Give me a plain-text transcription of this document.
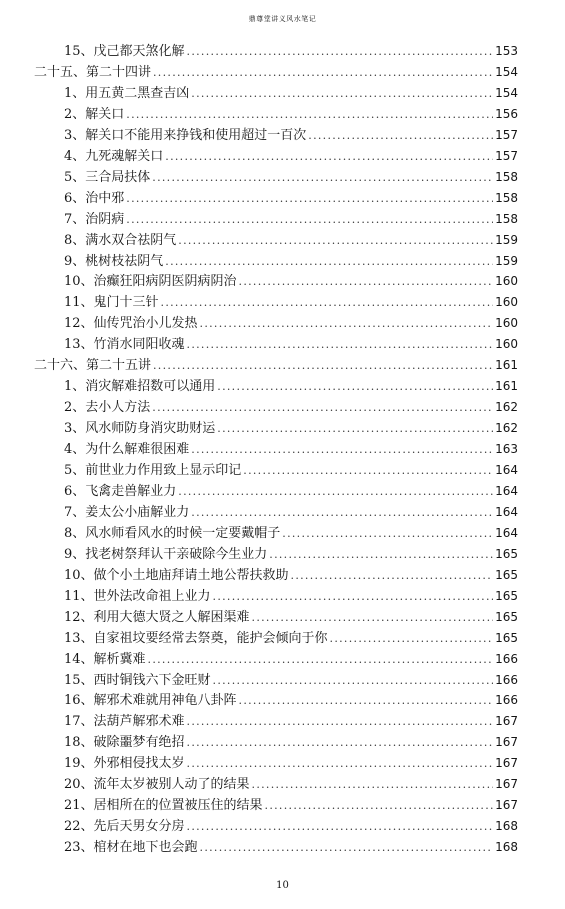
鼎尊堂讲义风水笔记
15、戊己都天煞化解 .....	153
二十五、第二十四讲 .....	154
1、用五黄二黑查吉凶 .....	154
2、解关口 .....	156
3、解关口不能用来挣钱和使用超过一百次 .....	157
4、九死魂解关口 .....	157
5、三合局扶体 .....	158
6、治中邪 .....	158
7、治阴病 .....	158
8、满水双合祛阴气 .....	159
9、桃树枝祛阴气 .....	159
10、治癫狂阳病阴医阴病阴治 .....	160
11、鬼门十三针 .....	160
12、仙传咒治小儿发热 .....	160
13、竹消水同阳收魂 .....	160
二十六、第二十五讲 .....	161
1、消灾解难招数可以通用 .....	161
2、去小人方法 .....	162
3、风水师防身消灾助财运 .....	162
4、为什么解难很困难 .....	163
5、前世业力作用致上显示印记 .....	164
6、飞禽走兽解业力 .....	164
7、姜太公小庙解业力 .....	164
8、风水师看风水的时候一定要戴帽子 .....	164
9、找老树祭拜认干亲破除今生业力 .....	165
10、做个小土地庙拜请土地公帮扶救助 .....	165
11、世外法改命祖上业力 .....	165
12、利用大德大贤之人解困渠难 .....	165
13、自家祖坟要经常去祭奠，能护会倾向于你 .....	165
14、解析冀难 .....	166
15、西时铜钱六下金旺财 .....	166
16、解邪术难就用神龟八卦阵 .....	166
17、法葫芦解邪术难 .....	167
18、破除噩梦有绝招 .....	167
19、外邪相侵找太岁 .....	167
20、流年太岁被别人动了的结果 .....	167
21、居相所在的位置被压住的结果 .....	167
22、先后天男女分房 .....	168
23、棺材在地下也会跑 .....	168
10
